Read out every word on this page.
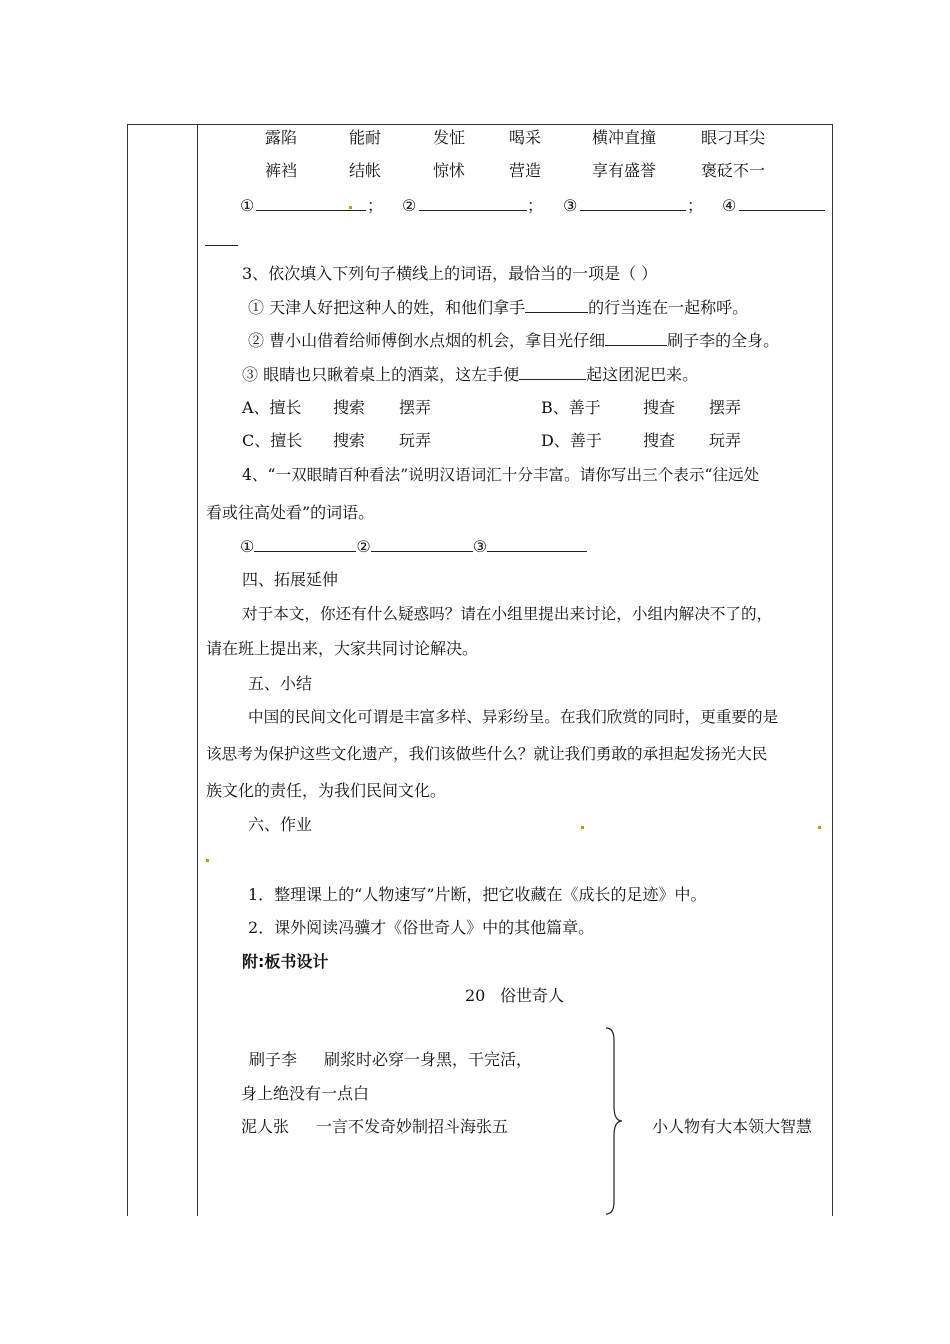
露陷	能耐	发怔	喝采	横冲直撞	眼刁耳尖
裤裆	结帐	惊怵	营造	享有盛誉	褒砭不一
①	； ②	； ③	； ④
3、依次填入下列句子横线上的词语，最恰当的一项是（ ）
① 天津人好把这种人的姓，和他们拿手	的行当连在一起称呼。
② 曹小山借着给师傅倒水点烟的机会，拿目光仔细	刷子李的全身。
③ 眼睛也只瞅着桌上的酒菜，这左手便	起这团泥巴来。
A、擅长 搜索 摆弄	B、善于	搜查 摆弄
C、擅长 搜索 玩弄	D、善于	搜查 玩弄
4、“一双眼睛百种看法”说明汉语词汇十分丰富。请你写出三个表示“往远处
看或往高处看”的词语。
①	②	③
四、拓展延伸
对于本文，你还有什么疑惑吗？请在小组里提出来讨论，小组内解决不了的，
请在班上提出来，大家共同讨论解决。
五、小结
中国的民间文化可谓是丰富多样、异彩纷呈。在我们欣赏的同时，更重要的是
该思考为保护这些文化遗产，我们该做些什么？就让我们勇敢的承担起发扬光大民
族文化的责任，为我们民间文化。
六、作业
1．整理课上的“人物速写”片断，把它收藏在《成长的足迹》中。
2．课外阅读冯骥才《俗世奇人》中的其他篇章。
附:板书设计
20 俗世奇人
刷子李 刷浆时必穿一身黑，干完活，
身上绝没有一点白
泥人张 一言不发奇妙制招斗海张五	小人物有大本领大智慧
